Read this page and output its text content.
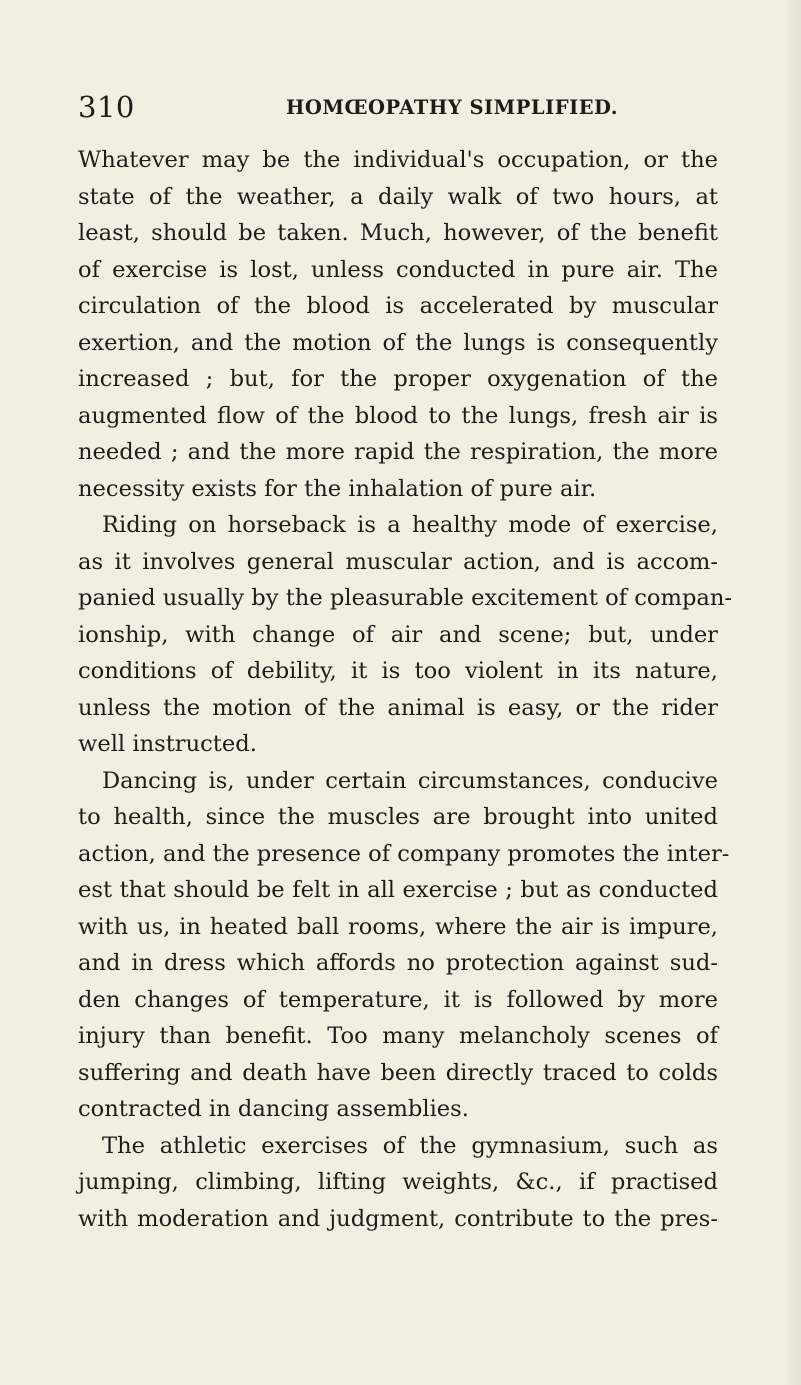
310	HOMŒOPATHY SIMPLIFIED.
Whatever may be the individual's occupation, or the
state of the weather, a daily walk of two hours, at
least, should be taken. Much, however, of the benefit
of exercise is lost, unless conducted in pure air. The
circulation of the blood is accelerated by muscular
exertion, and the motion of the lungs is consequently
increased ; but, for the proper oxygenation of the
augmented flow of the blood to the lungs, fresh air is
needed ; and the more rapid the respiration, the more
necessity exists for the inhalation of pure air.
Riding on horseback is a healthy mode of exercise,
as it involves general muscular action, and is accom-
panied usually by the pleasurable excitement of compan-
ionship, with change of air and scene; but, under
conditions of debility, it is too violent in its nature,
unless the motion of the animal is easy, or the rider
well instructed.
Dancing is, under certain circumstances, conducive
to health, since the muscles are brought into united
action, and the presence of company promotes the inter-
est that should be felt in all exercise ; but as conducted
with us, in heated ball rooms, where the air is impure,
and in dress which affords no protection against sud-
den changes of temperature, it is followed by more
injury than benefit. Too many melancholy scenes of
suffering and death have been directly traced to colds
contracted in dancing assemblies.
The athletic exercises of the gymnasium, such as
jumping, climbing, lifting weights, &c., if practised
with moderation and judgment, contribute to the pres-
